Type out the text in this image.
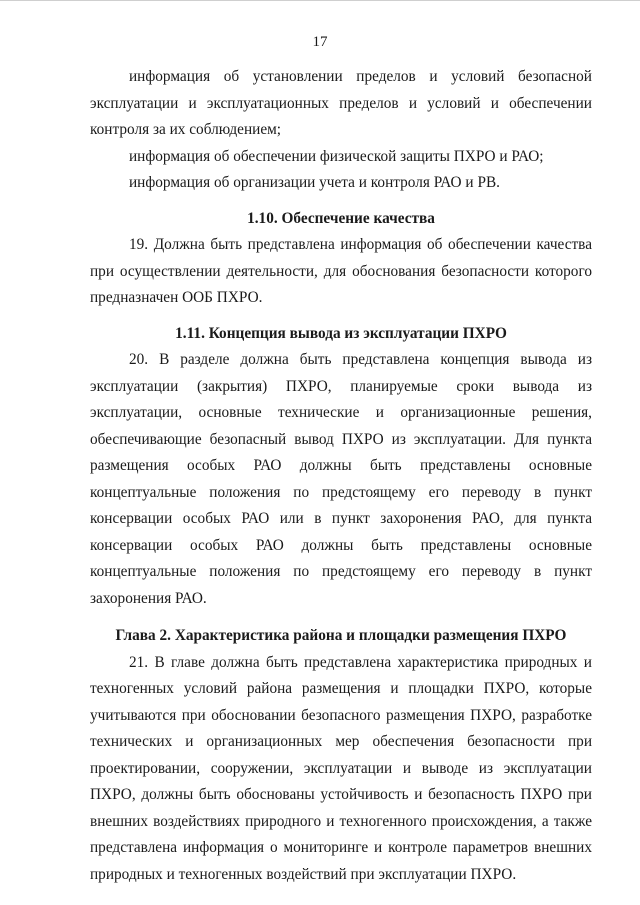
17

информация об установлении пределов и условий безопасной эксплуатации и эксплуатационных пределов и условий и обеспечении контроля за их соблюдением;

информация об обеспечении физической защиты ПХРО и РАО;

информация об организации учета и контроля РАО и РВ.

1.10. Обеспечение качества

19. Должна быть представлена информация об обеспечении качества при осуществлении деятельности, для обоснования безопасности которого предназначен ООБ ПХРО.

1.11. Концепция вывода из эксплуатации ПХРО

20. В разделе должна быть представлена концепция вывода из эксплуатации (закрытия) ПХРО, планируемые сроки вывода из эксплуатации, основные технические и организационные решения, обеспечивающие безопасный вывод ПХРО из эксплуатации. Для пункта размещения особых РАО должны быть представлены основные концептуальные положения по предстоящему его переводу в пункт консервации особых РАО или в пункт захоронения РАО, для пункта консервации особых РАО должны быть представлены основные концептуальные положения по предстоящему его переводу в пункт захоронения РАО.

Глава 2. Характеристика района и площадки размещения ПХРО

21. В главе должна быть представлена характеристика природных и техногенных условий района размещения и площадки ПХРО, которые учитываются при обосновании безопасного размещения ПХРО, разработке технических и организационных мер обеспечения безопасности при проектировании, сооружении, эксплуатации и выводе из эксплуатации ПХРО, должны быть обоснованы устойчивость и безопасность ПХРО при внешних воздействиях природного и техногенного происхождения, а также представлена информация о мониторинге и контроле параметров внешних природных и техногенных воздействий при эксплуатации ПХРО.
